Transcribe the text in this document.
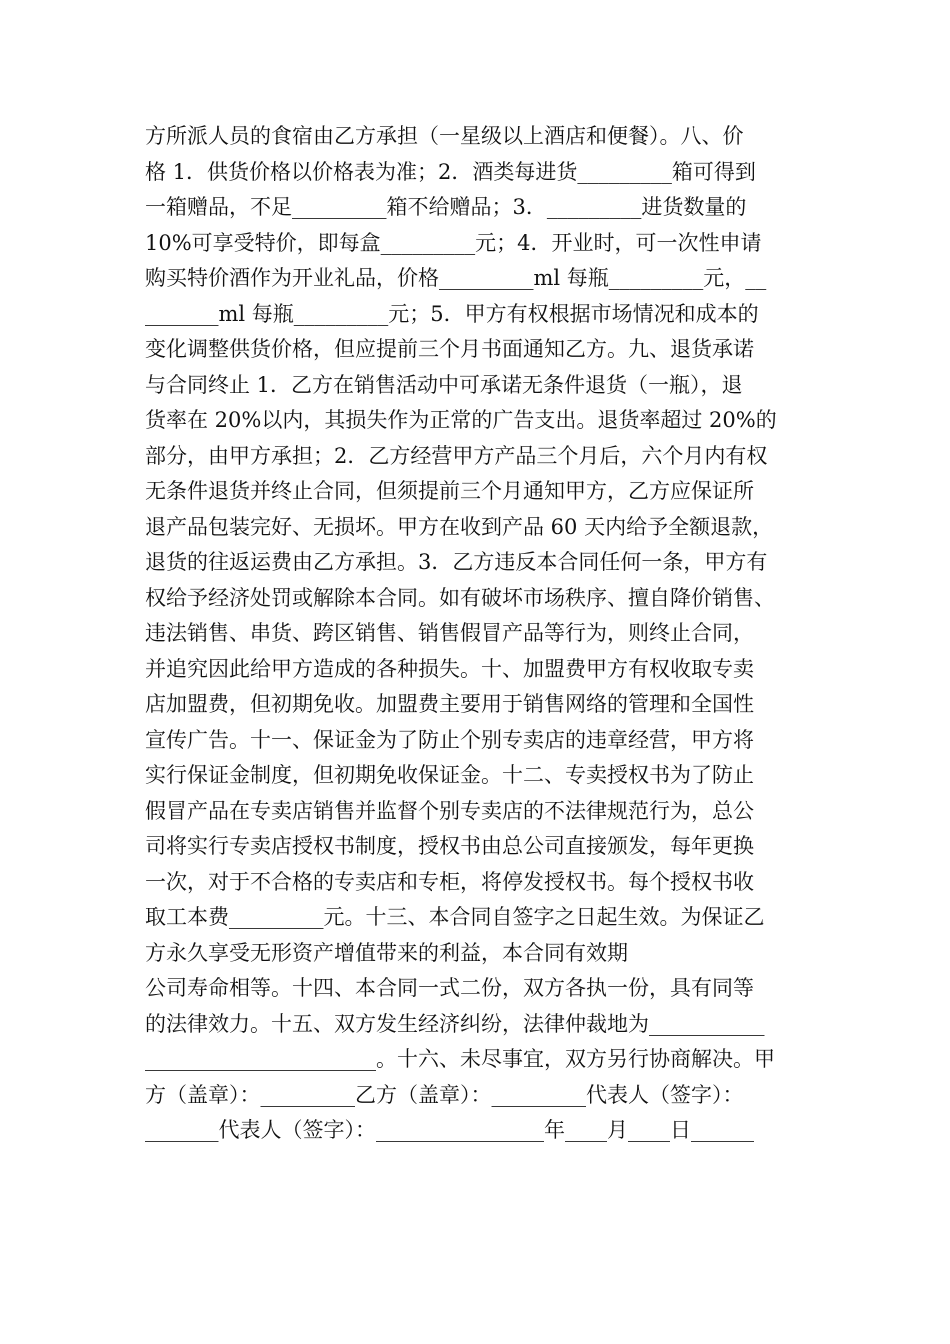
方所派人员的食宿由乙方承担（一星级以上酒店和便餐）。八、价
格 1．供货价格以价格表为准；2．酒类每进货_________箱可得到
一箱赠品，不足_________箱不给赠品；3．_________进货数量的
10%可享受特价，即每盒_________元；4．开业时，可一次性申请
购买特价酒作为开业礼品，价格_________ml 每瓶_________元，__
_______ml 每瓶_________元；5．甲方有权根据市场情况和成本的
变化调整供货价格，但应提前三个月书面通知乙方。九、退货承诺
与合同终止 1．乙方在销售活动中可承诺无条件退货（一瓶），退
货率在 20%以内，其损失作为正常的广告支出。退货率超过 20%的
部分，由甲方承担；2．乙方经营甲方产品三个月后，六个月内有权
无条件退货并终止合同，但须提前三个月通知甲方，乙方应保证所
退产品包装完好、无损坏。甲方在收到产品 60 天内给予全额退款，
退货的往返运费由乙方承担。3．乙方违反本合同任何一条，甲方有
权给予经济处罚或解除本合同。如有破坏市场秩序、擅自降价销售、
违法销售、串货、跨区销售、销售假冒产品等行为，则终止合同，
并追究因此给甲方造成的各种损失。十、加盟费甲方有权收取专卖
店加盟费，但初期免收。加盟费主要用于销售网络的管理和全国性
宣传广告。十一、保证金为了防止个别专卖店的违章经营，甲方将
实行保证金制度，但初期免收保证金。十二、专卖授权书为了防止
假冒产品在专卖店销售并监督个别专卖店的不法律规范行为，总公
司将实行专卖店授权书制度，授权书由总公司直接颁发，每年更换
一次，对于不合格的专卖店和专柜，将停发授权书。每个授权书收
取工本费_________元。十三、本合同自签字之日起生效。为保证乙
方永久享受无形资产增值带来的利益，本合同有效期
公司寿命相等。十四、本合同一式二份，双方各执一份，具有同等
的法律效力。十五、双方发生经济纠纷，法律仲裁地为___________
______________________。十六、未尽事宜，双方另行协商解决。甲
方（盖章）：_________乙方（盖章）：_________代表人（签字）：
_______代表人（签字）：________________年____月____日______
